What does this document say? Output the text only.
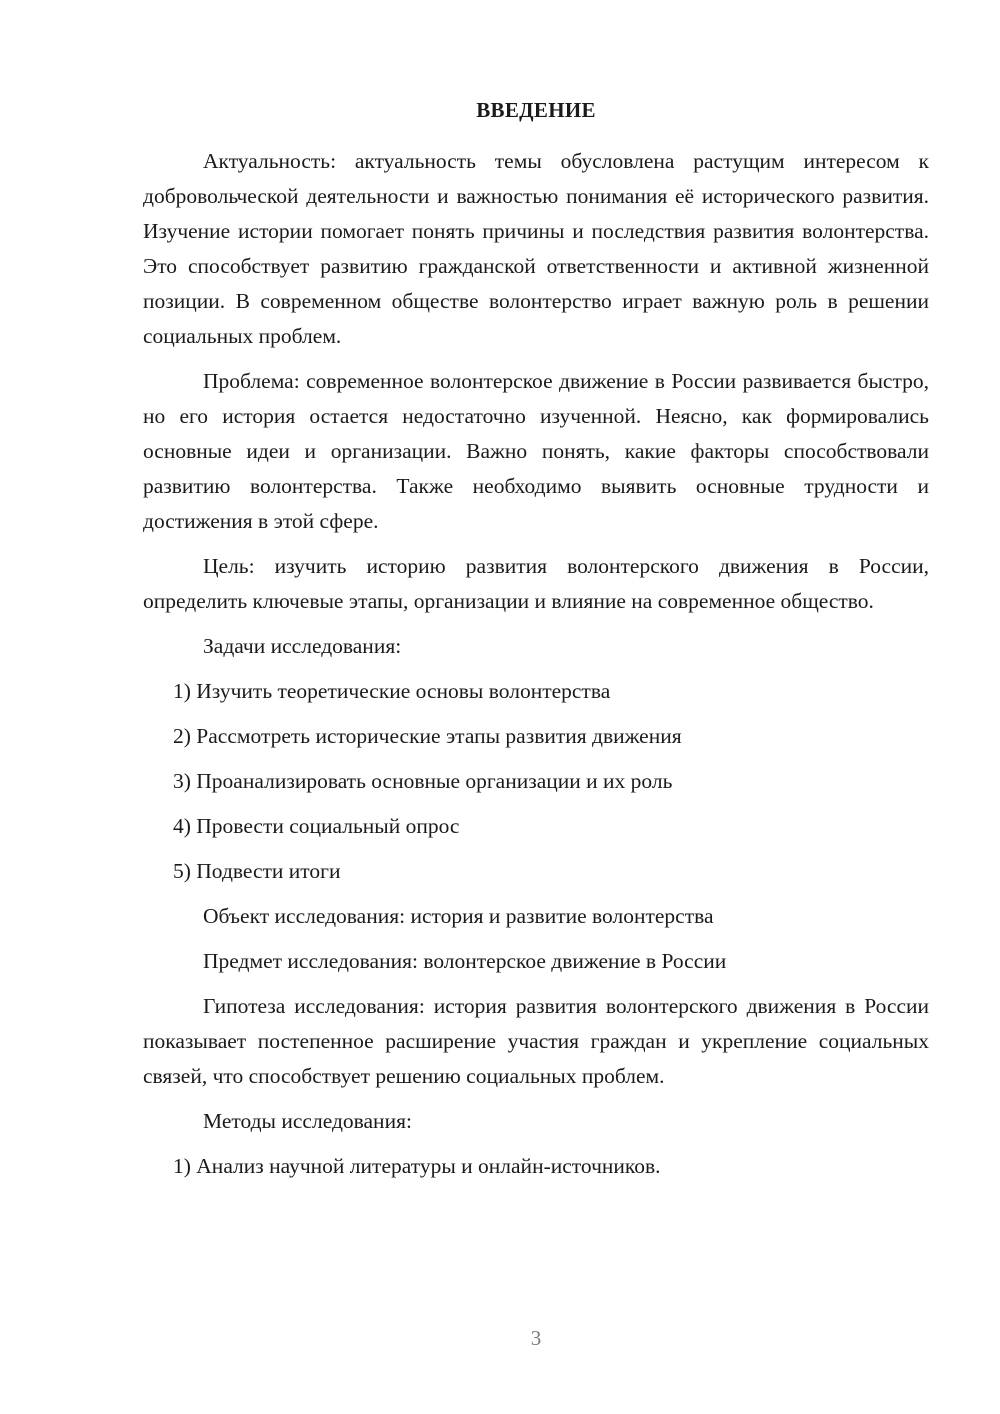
ВВЕДЕНИЕ

Актуальность: актуальность темы обусловлена растущим интересом к добровольческой деятельности и важностью понимания её исторического развития. Изучение истории помогает понять причины и последствия развития волонтерства. Это способствует развитию гражданской ответственности и активной жизненной позиции. В современном обществе волонтерство играет важную роль в решении социальных проблем.

Проблема: современное волонтерское движение в России развивается быстро, но его история остается недостаточно изученной. Неясно, как формировались основные идеи и организации. Важно понять, какие факторы способствовали развитию волонтерства. Также необходимо выявить основные трудности и достижения в этой сфере.

Цель: изучить историю развития волонтерского движения в России, определить ключевые этапы, организации и влияние на современное общество.

Задачи исследования:

1) Изучить теоретические основы волонтерства

2) Рассмотреть исторические этапы развития движения

3) Проанализировать основные организации и их роль

4) Провести социальный опрос

5) Подвести итоги

Объект исследования: история и развитие волонтерства

Предмет исследования: волонтерское движение в России

Гипотеза исследования: история развития волонтерского движения в России показывает постепенное расширение участия граждан и укрепление социальных связей, что способствует решению социальных проблем.

Методы исследования:

1) Анализ научной литературы и онлайн-источников.

3
